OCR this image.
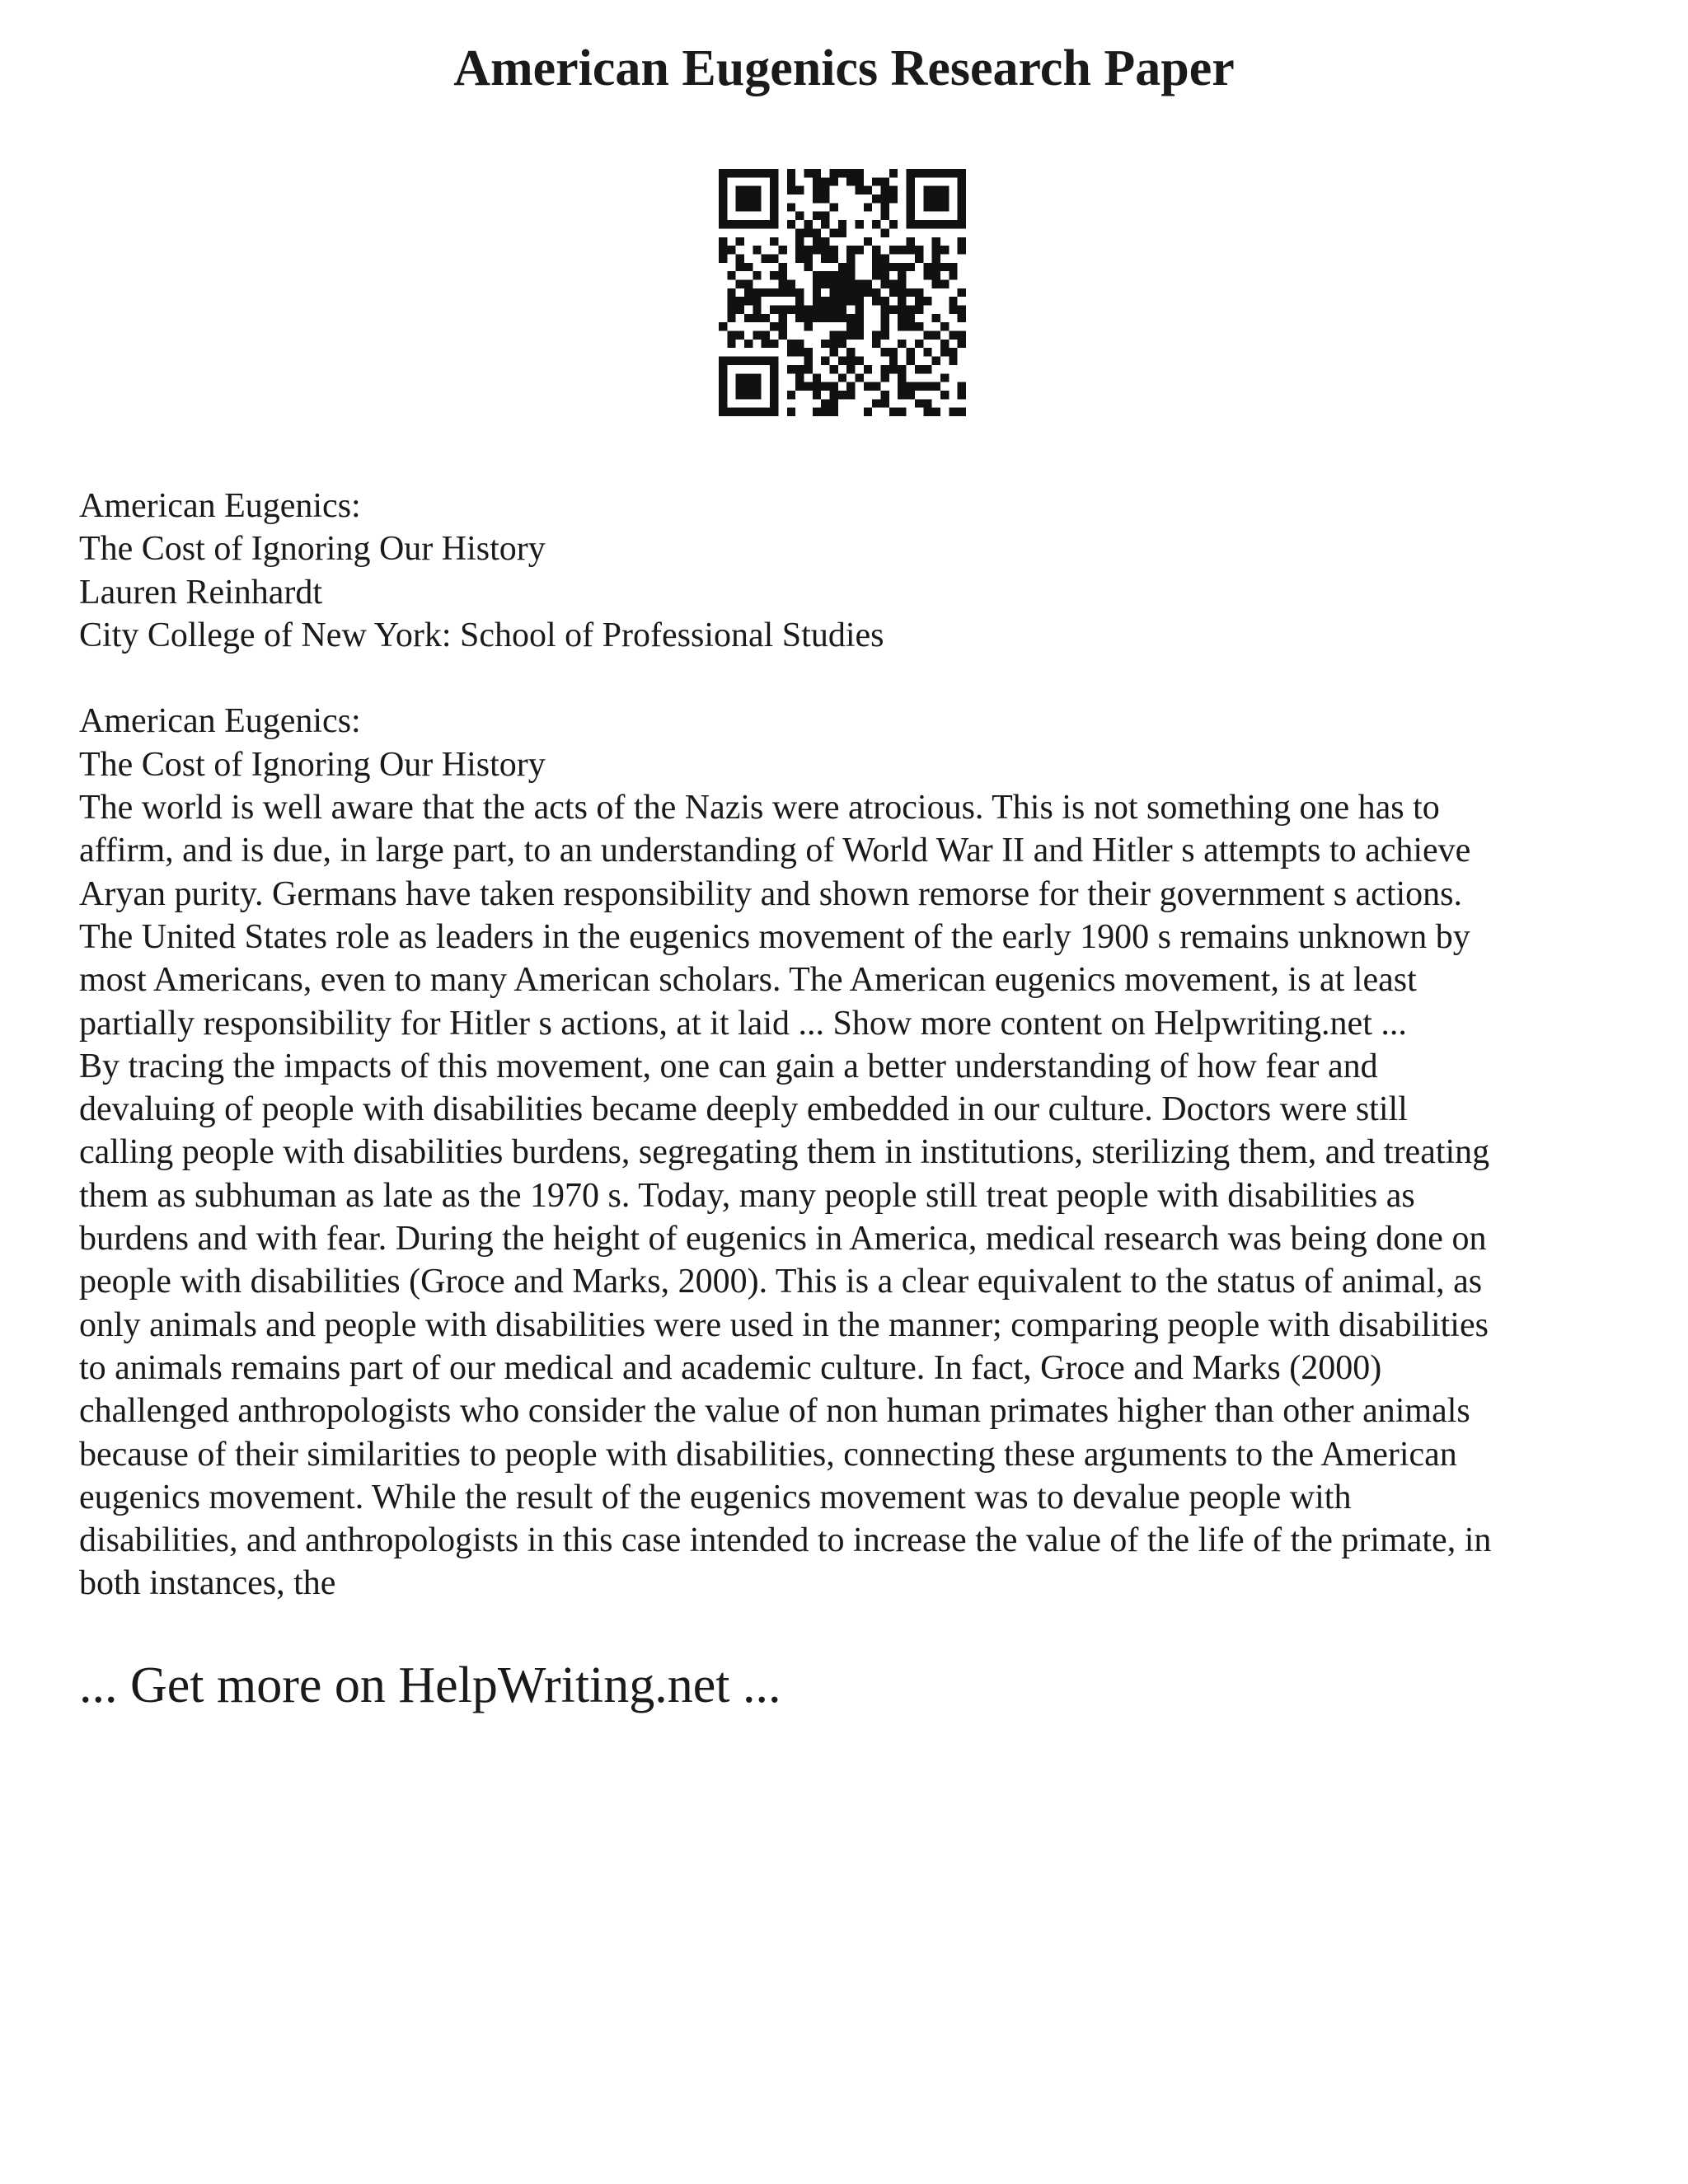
American Eugenics Research Paper
American Eugenics:
The Cost of Ignoring Our History
Lauren Reinhardt
City College of New York: School of Professional Studies
American Eugenics:
The Cost of Ignoring Our History
The world is well aware that the acts of the Nazis were atrocious. This is not something one has to
affirm, and is due, in large part, to an understanding of World War II and Hitler s attempts to achieve
Aryan purity. Germans have taken responsibility and shown remorse for their government s actions.
The United States role as leaders in the eugenics movement of the early 1900 s remains unknown by
most Americans, even to many American scholars. The American eugenics movement, is at least
partially responsibility for Hitler s actions, at it laid ... Show more content on Helpwriting.net ...
By tracing the impacts of this movement, one can gain a better understanding of how fear and
devaluing of people with disabilities became deeply embedded in our culture. Doctors were still
calling people with disabilities burdens, segregating them in institutions, sterilizing them, and treating
them as subhuman as late as the 1970 s. Today, many people still treat people with disabilities as
burdens and with fear. During the height of eugenics in America, medical research was being done on
people with disabilities (Groce and Marks, 2000). This is a clear equivalent to the status of animal, as
only animals and people with disabilities were used in the manner; comparing people with disabilities
to animals remains part of our medical and academic culture. In fact, Groce and Marks (2000)
challenged anthropologists who consider the value of non human primates higher than other animals
because of their similarities to people with disabilities, connecting these arguments to the American
eugenics movement. While the result of the eugenics movement was to devalue people with
disabilities, and anthropologists in this case intended to increase the value of the life of the primate, in
both instances, the
... Get more on HelpWriting.net ...
